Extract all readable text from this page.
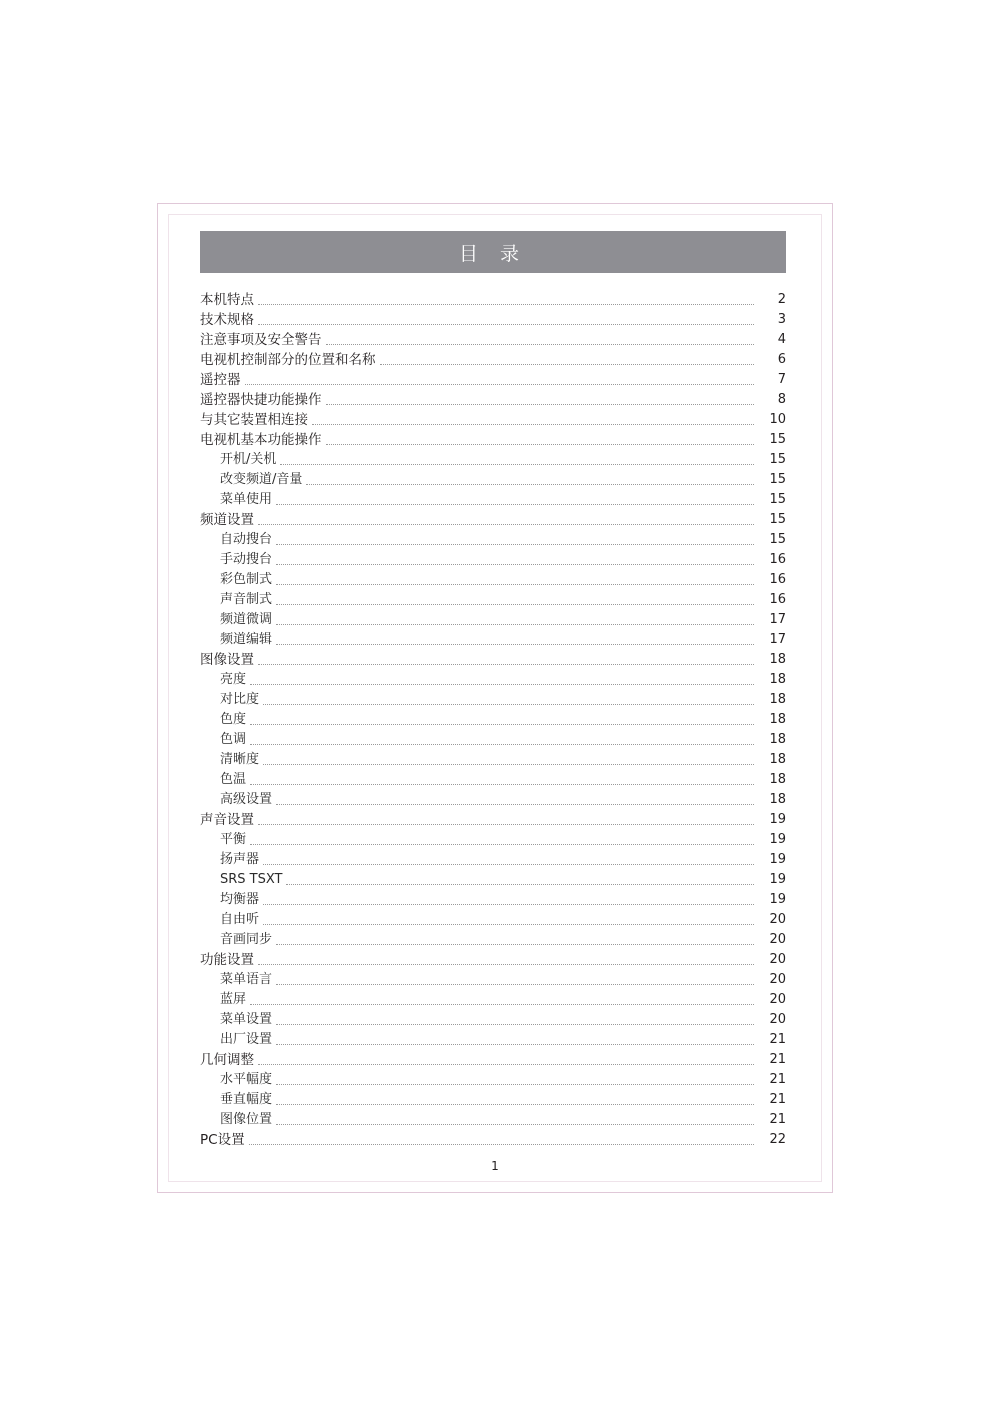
目 录
本机特点	2
技术规格	3
注意事项及安全警告	4
电视机控制部分的位置和名称	6
遥控器	7
遥控器快捷功能操作	8
与其它装置相连接	10
电视机基本功能操作	15
开机/关机	15
改变频道/音量	15
菜单使用	15
频道设置	15
自动搜台	15
手动搜台	16
彩色制式	16
声音制式	16
频道微调	17
频道编辑	17
图像设置	18
亮度	18
对比度	18
色度	18
色调	18
清晰度	18
色温	18
高级设置	18
声音设置	19
平衡	19
扬声器	19
SRS TSXT	19
均衡器	19
自由听	20
音画同步	20
功能设置	20
菜单语言	20
蓝屏	20
菜单设置	20
出厂设置	21
几何调整	21
水平幅度	21
垂直幅度	21
图像位置	21
PC设置	22
1
